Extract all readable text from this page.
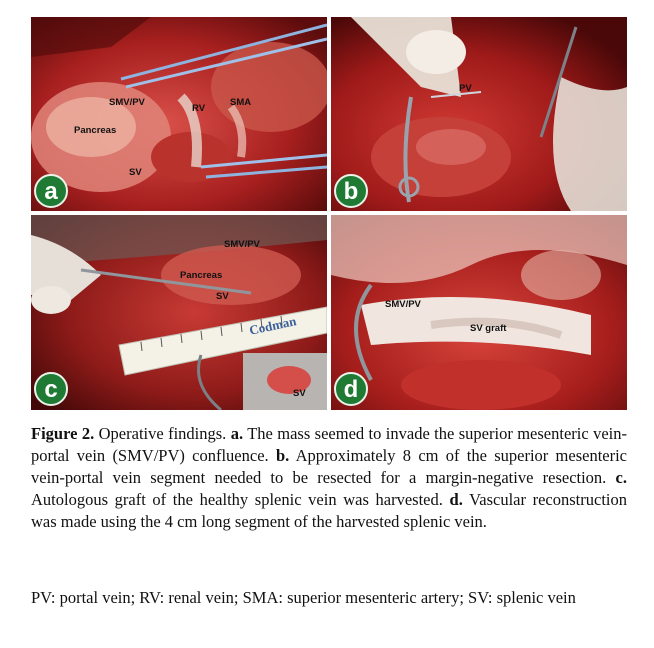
SMV/PV
RV
SMA
Pancreas
SV
a
PV
b
SMV/PV
Pancreas
SV
Codman
SV
c
SMV/PV
SV graft
d

Figure 2. Operative findings. a. The mass seemed to invade the superior mesenteric vein-portal vein (SMV/PV) confluence. b. Approximately 8 cm of the superior mesenteric vein-portal vein segment needed to be resected for a margin-negative resection. c. Autologous graft of the healthy splenic vein was harvested. d. Vascular reconstruction was made using the 4 cm long segment of the harvested splenic vein.

PV: portal vein; RV: renal vein; SMA: superior mesenteric artery; SV: splenic vein
